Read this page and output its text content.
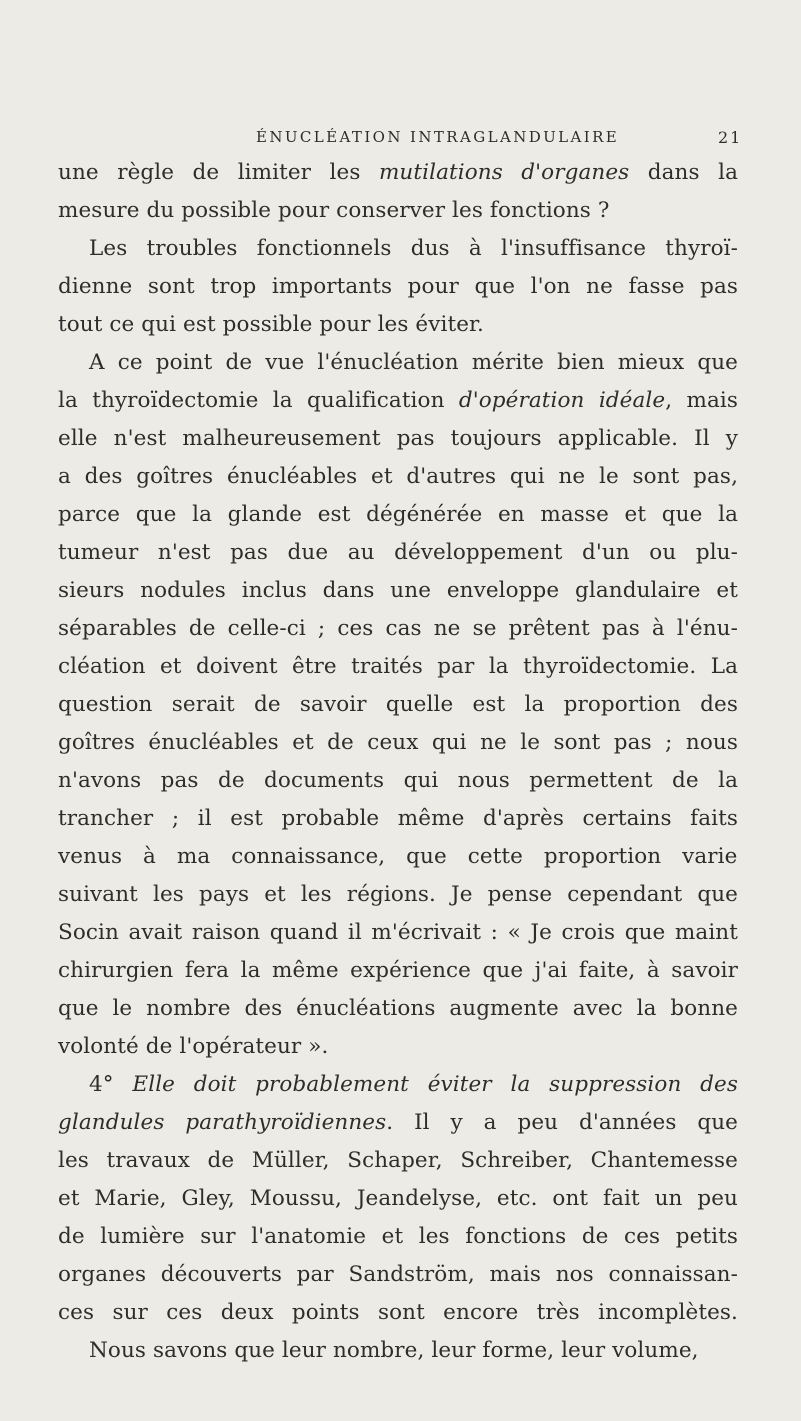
ÉNUCLÉATION INTRAGLANDULAIRE	21
une règle de limiter les mutilations d'organes dans la
mesure du possible pour conserver les fonctions ?
Les troubles fonctionnels dus à l'insuffisance thyroï-
dienne sont trop importants pour que l'on ne fasse pas
tout ce qui est possible pour les éviter.
A ce point de vue l'énucléation mérite bien mieux que
la thyroïdectomie la qualification d'opération idéale, mais
elle n'est malheureusement pas toujours applicable. Il y
a des goîtres énucléables et d'autres qui ne le sont pas,
parce que la glande est dégénérée en masse et que la
tumeur n'est pas due au développement d'un ou plu-
sieurs nodules inclus dans une enveloppe glandulaire et
séparables de celle-ci ; ces cas ne se prêtent pas à l'énu-
cléation et doivent être traités par la thyroïdectomie. La
question serait de savoir quelle est la proportion des
goîtres énucléables et de ceux qui ne le sont pas ; nous
n'avons pas de documents qui nous permettent de la
trancher ; il est probable même d'après certains faits
venus à ma connaissance, que cette proportion varie
suivant les pays et les régions. Je pense cependant que
Socin avait raison quand il m'écrivait : « Je crois que maint
chirurgien fera la même expérience que j'ai faite, à savoir
que le nombre des énucléations augmente avec la bonne
volonté de l'opérateur ».
4° Elle doit probablement éviter la suppression des
glandules parathyroïdiennes. Il y a peu d'années que
les travaux de Müller, Schaper, Schreiber, Chantemesse
et Marie, Gley, Moussu, Jeandelyse, etc. ont fait un peu
de lumière sur l'anatomie et les fonctions de ces petits
organes découverts par Sandström, mais nos connaissan-
ces sur ces deux points sont encore très incomplètes.
Nous savons que leur nombre, leur forme, leur volume,
